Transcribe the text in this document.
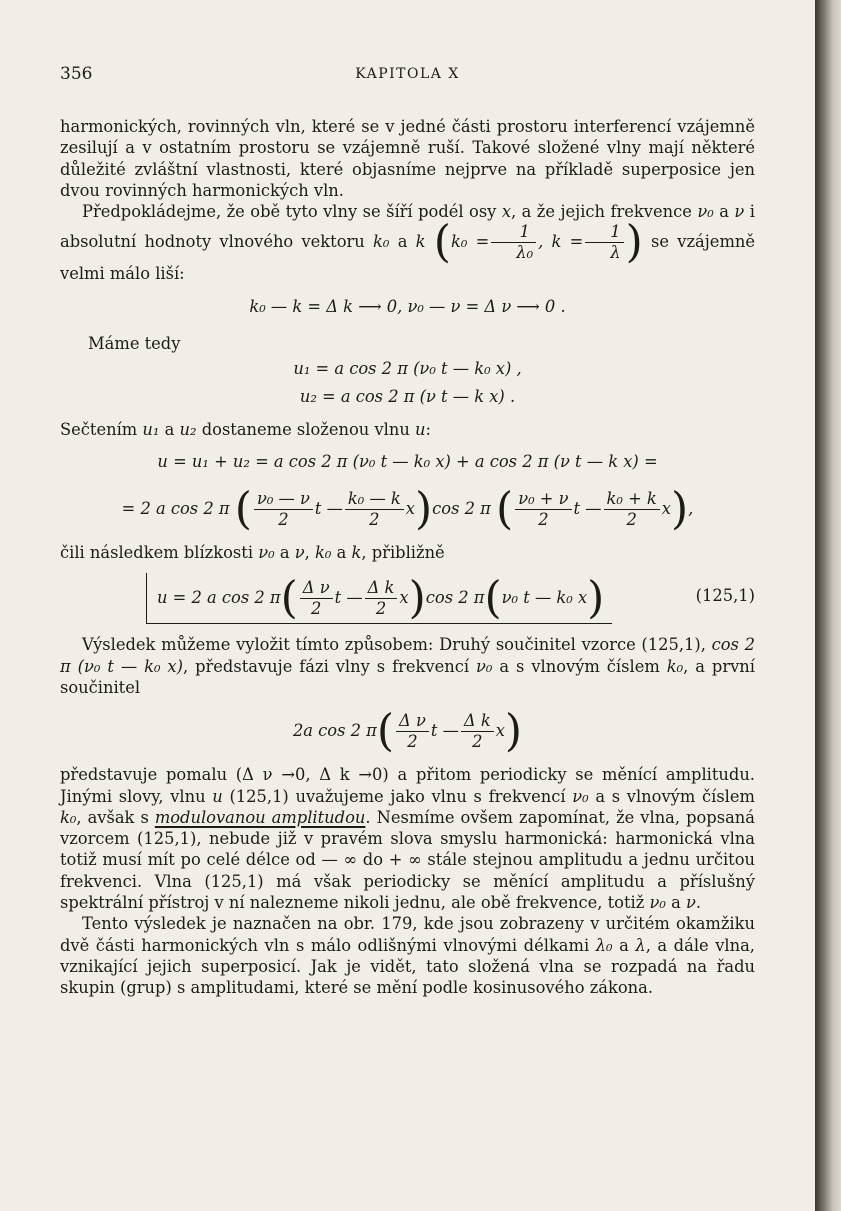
356	KAPITOLA X

harmonických, rovinných vln, které se v jedné části prostoru interferencí vzájemně zesilují a v ostatním prostoru se vzájemně ruší. Takové složené vlny mají některé důležité zvláštní vlastnosti, které objasníme nejprve na příkladě superposice jen dvou rovinných harmonických vln.

Předpokládejme, že obě tyto vlny se šíří podél osy x, a že jejich frekvence ν₀ a ν i absolutní hodnoty vlnového vektoru k₀ a k ($k_0 = \frac{1}{\text{λ₀}}$ , $k = \frac{1}{\lambda}$ ) se vzájemně velmi málo liší:

k₀ — k = Δ k ⟶ 0, ν₀ — ν = Δ ν ⟶ 0 .
Máme tedy
u₁ = a cos 2 π (ν₀ t — k₀ x) ,
u₂ = a cos 2 π (ν t — k x) .

Sečtením u₁ a u₂ dostaneme složenou vlnu u:

u = u₁ + u₂ = a cos 2 π (ν₀ t — k₀ x) + a cos 2 π (ν t — k x) =
= 2 a cos 2 π ( $\frac{\text{ν₀ — ν}}{2}$ t — $\frac{\text{k₀ — k}}{2} x)\cos$ 2 π ( $\frac{\text{ν₀ + ν}}{2}$ t — $\frac{\text{k₀ + k}}{2} x$),

čili následkem blízkosti ν₀ a ν, k₀ a k, přibližně

u = 2 a cos 2 $\pi( \frac{\text{Δ ν}}{2}$ t — $\frac{\text{Δ k}}{2} x)\cos$ 2 π(ν₀ t — k₀ x)	(125,1)

Výsledek můžeme vyložit tímto způsobem: Druhý součinitel vzorce (125,1), cos 2 π (ν₀ t — k₀ x), představuje fázi vlny s frekvencí ν₀ a s vlnovým číslem k₀, a první součinitel

2a cos 2 $\pi( \frac{\text{Δ ν}}{2}$ t — $\frac{\text{Δ k}}{2} x$)

představuje pomalu (Δ ν →0, Δ k →0) a přitom periodicky se měnící amplitudu. Jinými slovy, vlnu u (125,1) uvažujeme jako vlnu s frekvencí ν₀ a s vlnovým číslem k₀, avšak s modulovanou amplitudou. Nesmíme ovšem zapomínat, že vlna, popsaná vzorcem (125,1), nebude již v pravém slova smyslu harmonická: harmonická vlna totiž musí mít po celé délce od — ∞ do + ∞ stále stejnou amplitudu a jednu určitou frekvenci. Vlna (125,1) má však periodicky se měnící amplitudu a příslušný spektrální přístroj v ní nalezneme nikoli jednu, ale obě frekvence, totiž ν₀ a ν.

Tento výsledek je naznačen na obr. 179, kde jsou zobrazeny v určitém okamžiku dvě části harmonických vln s málo odlišnými vlnovými délkami λ₀ a λ, a dále vlna, vznikající jejich superposicí. Jak je vidět, tato složená vlna se rozpadá na řadu skupin (grup) s amplitudami, které se mění podle kosinusového zákona.
